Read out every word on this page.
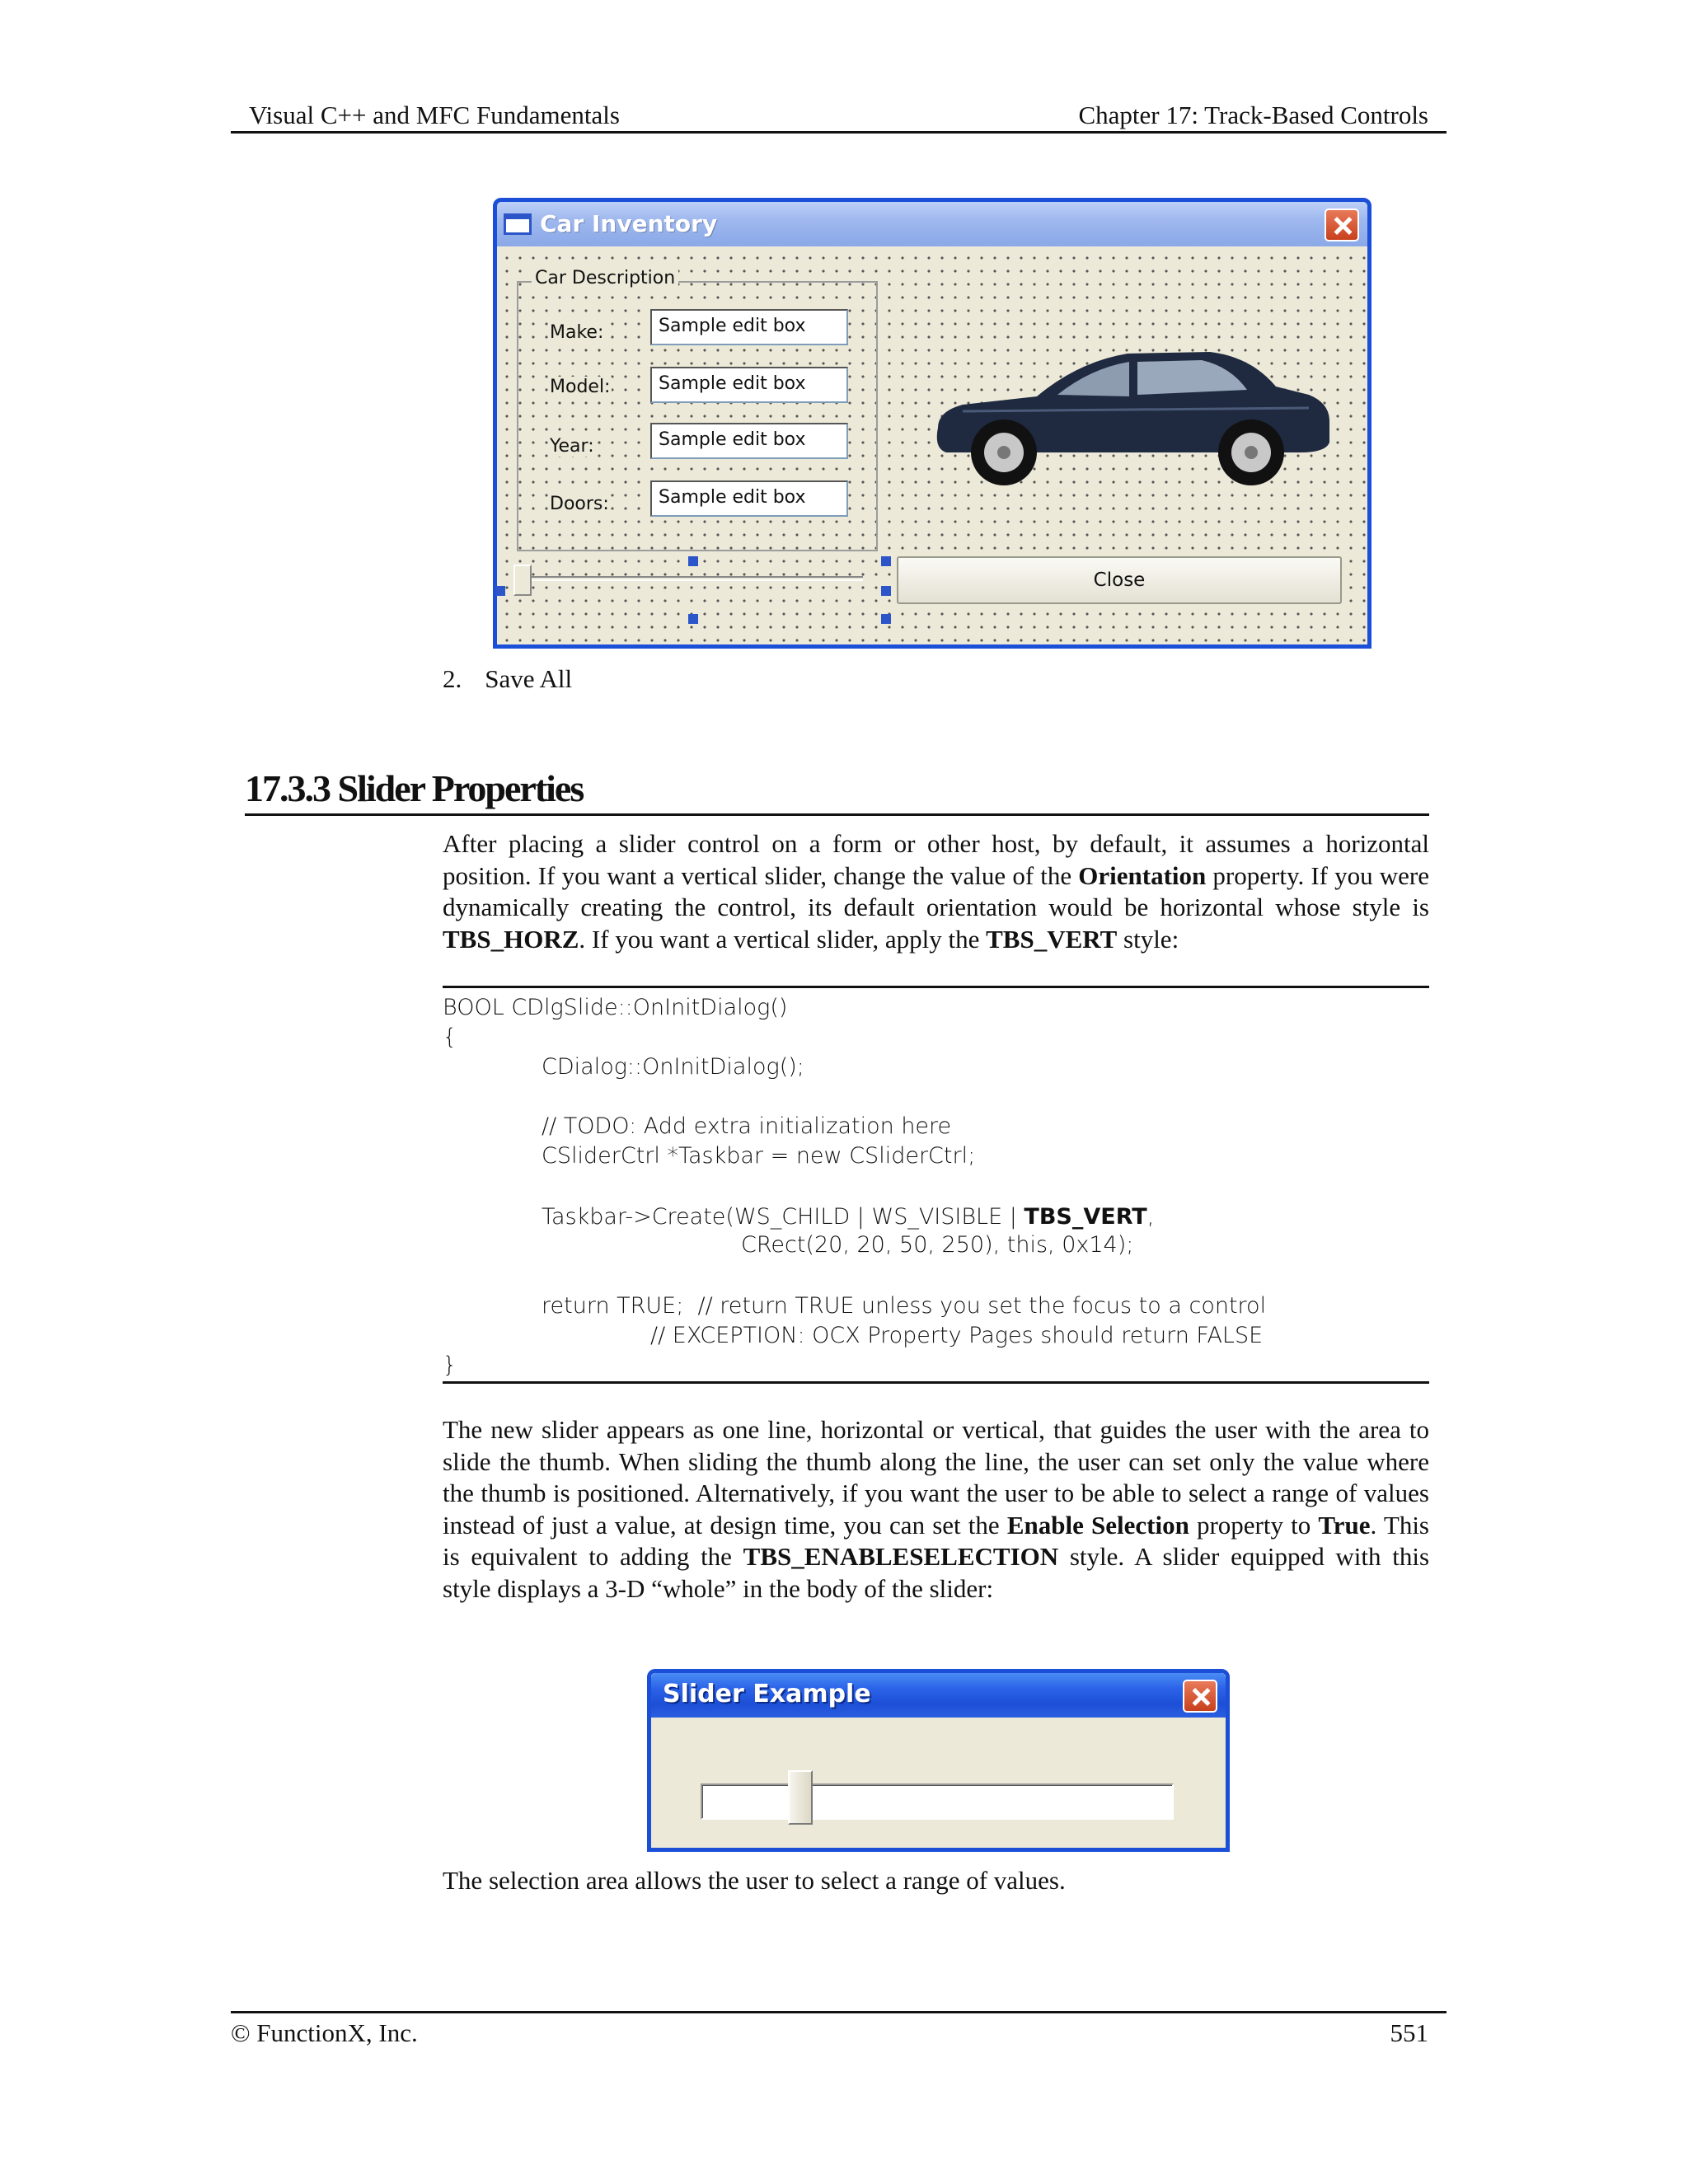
Visual C++ and MFC Fundamentals	Chapter 17: Track-Based Controls
Car Inventory
Car Description
Make:	Sample edit box
Model:	Sample edit box
Year:	Sample edit box
Doors:	Sample edit box
Close
2. Save All
17.3.3 Slider Properties

After placing a slider control on a form or other host, by default, it assumes a horizontal position. If you want a vertical slider, change the value of the Orientation property. If you were dynamically creating the control, its default orientation would be horizontal whose style is TBS_HORZ. If you want a vertical slider, apply the TBS_VERT style:

BOOL CDlgSlide::OnInitDialog()
{
CDialog::OnInitDialog();
// TODO: Add extra initialization here
CSliderCtrl *Taskbar = new CSliderCtrl;
Taskbar->Create(WS_CHILD | WS_VISIBLE | TBS_VERT,
CRect(20, 20, 50, 250), this, 0x14);
return TRUE;  // return TRUE unless you set the focus to a control
// EXCEPTION: OCX Property Pages should return FALSE
}

The new slider appears as one line, horizontal or vertical, that guides the user with the area to slide the thumb. When sliding the thumb along the line, the user can set only the value where the thumb is positioned. Alternatively, if you want the user to be able to select a range of values instead of just a value, at design time, you can set the Enable Selection property to True. This is equivalent to adding the TBS_ENABLESELECTION style. A slider equipped with this style displays a 3-D “whole” in the body of the slider:

Slider Example

The selection area allows the user to select a range of values.

© FunctionX, Inc.	551
